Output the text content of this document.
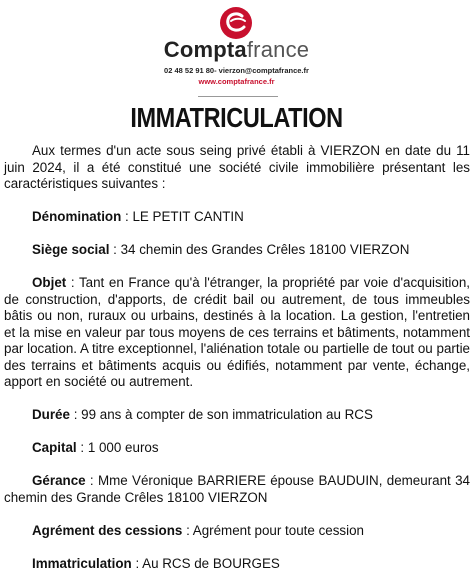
Comptafrance
02 48 52 91 80- vierzon@comptafrance.fr
www.comptafrance.fr
IMMATRICULATION

Aux termes d'un acte sous seing privé établi à VIERZON en date du 11 juin 2024, il a été constitué une société civile immobilière présentant les caractéristiques suivantes :

Dénomination : LE PETIT CANTIN

Siège social : 34 chemin des Grandes Crêles 18100 VIERZON

Objet : Tant en France qu'à l'étranger, la propriété par voie d'acquisition, de construction, d'apports, de crédit bail ou autrement, de tous immeubles bâtis ou non, ruraux ou urbains, destinés à la location. La gestion, l'entretien et la mise en valeur par tous moyens de ces terrains et bâtiments, notamment par location. A titre exceptionnel, l'aliénation totale ou partielle de tout ou partie des terrains et bâtiments acquis ou édifiés, notamment par vente, échange, apport en société ou autrement.

Durée : 99 ans à compter de son immatriculation au RCS

Capital : 1 000 euros

Gérance : Mme Véronique BARRIERE épouse BAUDUIN, demeurant 34 chemin des Grande Crêles 18100 VIERZON

Agrément des cessions : Agrément pour toute cession

Immatriculation : Au RCS de BOURGES
